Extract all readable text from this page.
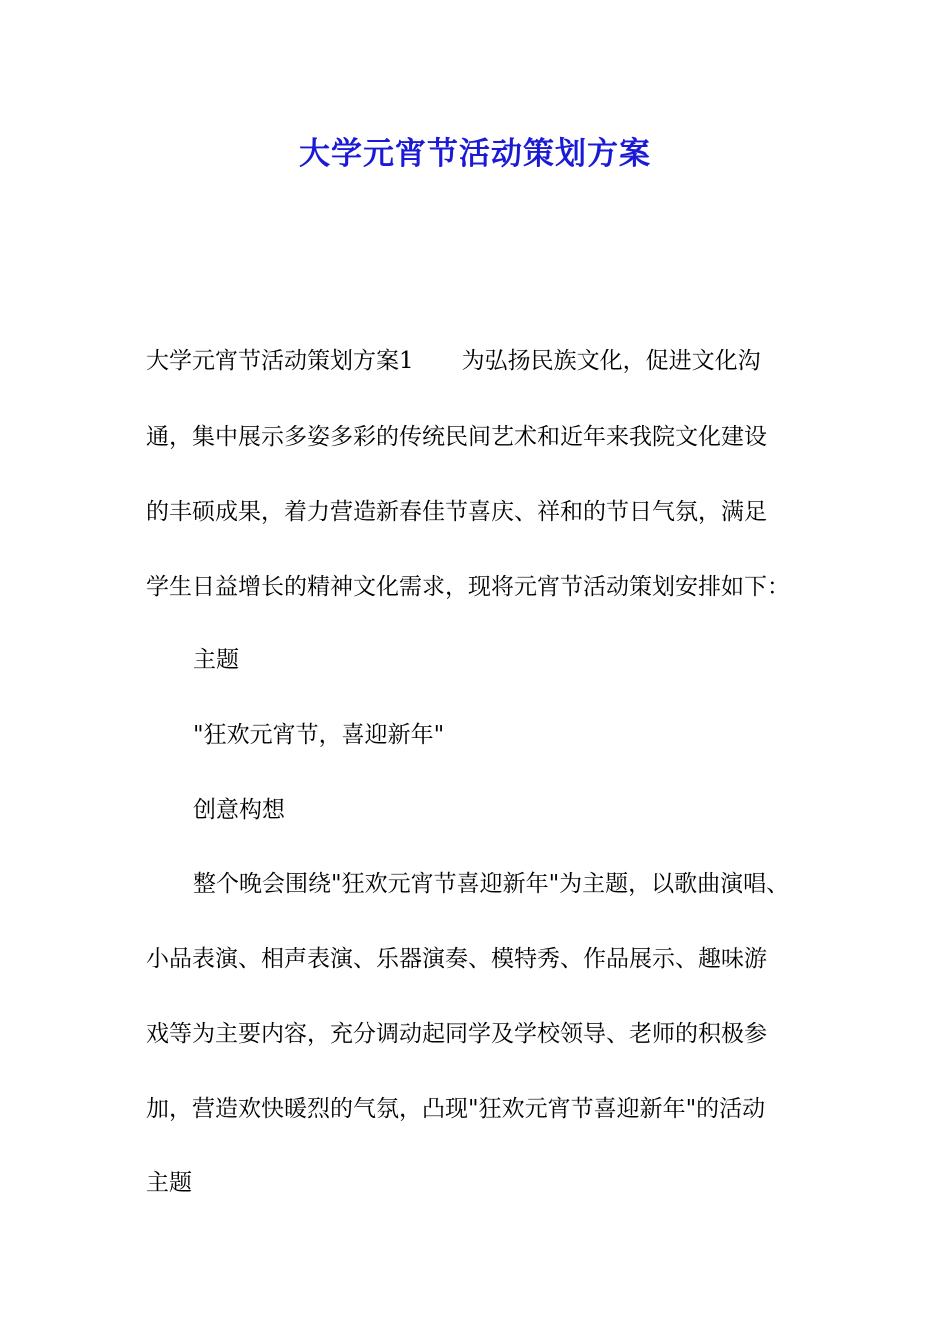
大学元宵节活动策划方案

大学元宵节活动策划方案1 为弘扬民族文化，促进文化沟

通，集中展示多姿多彩的传统民间艺术和近年来我院文化建设

的丰硕成果，着力营造新春佳节喜庆、祥和的节日气氛，满足

学生日益增长的精神文化需求，现将元宵节活动策划安排如下：

主题

"狂欢元宵节，喜迎新年"

创意构想

整个晚会围绕"狂欢元宵节喜迎新年"为主题，以歌曲演唱、

小品表演、相声表演、乐器演奏、模特秀、作品展示、趣味游

戏等为主要内容，充分调动起同学及学校领导、老师的积极参

加，营造欢快暖烈的气氛，凸现"狂欢元宵节喜迎新年"的活动

主题
